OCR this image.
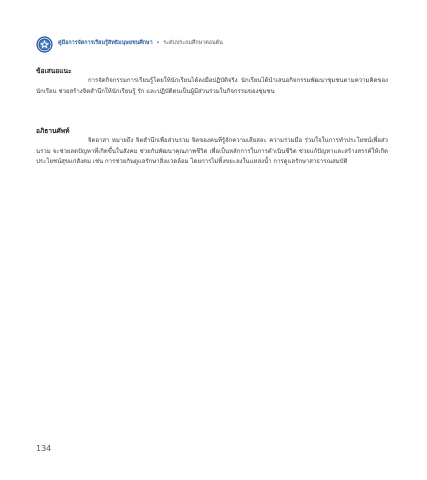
คู่มือการจัดการเรียนรู้สิทธิมนุษยชนศึกษา • ระดับประถมศึกษาตอนต้น

ข้อเสนอแนะ

การจัดกิจกรรมการเรียนรู้โดยให้นักเรียนได้ลงมือปฏิบัติจริง นักเรียนได้นำเสนอกิจกรรมพัฒนาชุมชนตามความคิดของนักเรียน ช่วยสร้างจิตสำนึกให้นักเรียนรู้ รัก และปฏิบัติตนเป็นผู้มีส่วนร่วมในกิจกรรมของชุมชน

อภิธานศัพท์

จิตอาสา หมายถึง จิตสำนึกเพื่อส่วนรวม จิตของคนที่รู้จักความเสียสละ ความร่วมมือ ร่วมใจในการทำประโยชน์เพื่อส่วนรวม จะช่วยลดปัญหาที่เกิดขึ้นในสังคม ช่วยกันพัฒนาคุณภาพชีวิต เพื่อเป็นหลักการในการดำเนินชีวิต ช่วยแก้ปัญหาและสร้างสรรค์ให้เกิดประโยชน์สุขแก่สังคม เช่น การช่วยกันดูแลรักษาสิ่งแวดล้อม โดยการไม่ทิ้งขยะลงในแหล่งน้ำ การดูแลรักษาสาธารณสมบัติ

134
